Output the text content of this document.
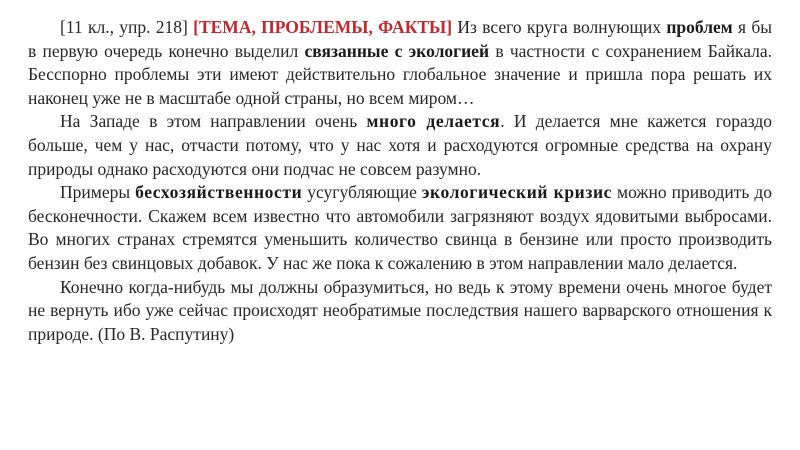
[11 кл., упр. 218] [ТЕМА, ПРОБЛЕМЫ, ФАКТЫ] Из всего круга волнующих проблем я бы в первую очередь конечно выделил связанные с экологией в частности с сохранением Байкала. Бесспорно проблемы эти имеют действительно глобальное значение и пришла пора решать их наконец уже не в масштабе одной страны, но всем миром…

На Западе в этом направлении очень много делается. И делается мне кажется гораздо больше, чем у нас, отчасти потому, что у нас хотя и расходуются огромные средства на охрану природы однако расходуются они подчас не совсем разумно.

Примеры бесхозяйственности усугубляющие экологический кризис можно приводить до бесконечности. Скажем всем известно что автомобили загрязняют воздух ядовитыми выбросами. Во многих странах стремятся уменьшить количество свинца в бензине или просто производить бензин без свинцовых добавок. У нас же пока к сожалению в этом направлении мало делается.

Конечно когда-нибудь мы должны образумиться, но ведь к этому времени очень многое будет не вернуть ибо уже сейчас происходят необратимые последствия нашего варварского отношения к природе. (По В. Распутину)
